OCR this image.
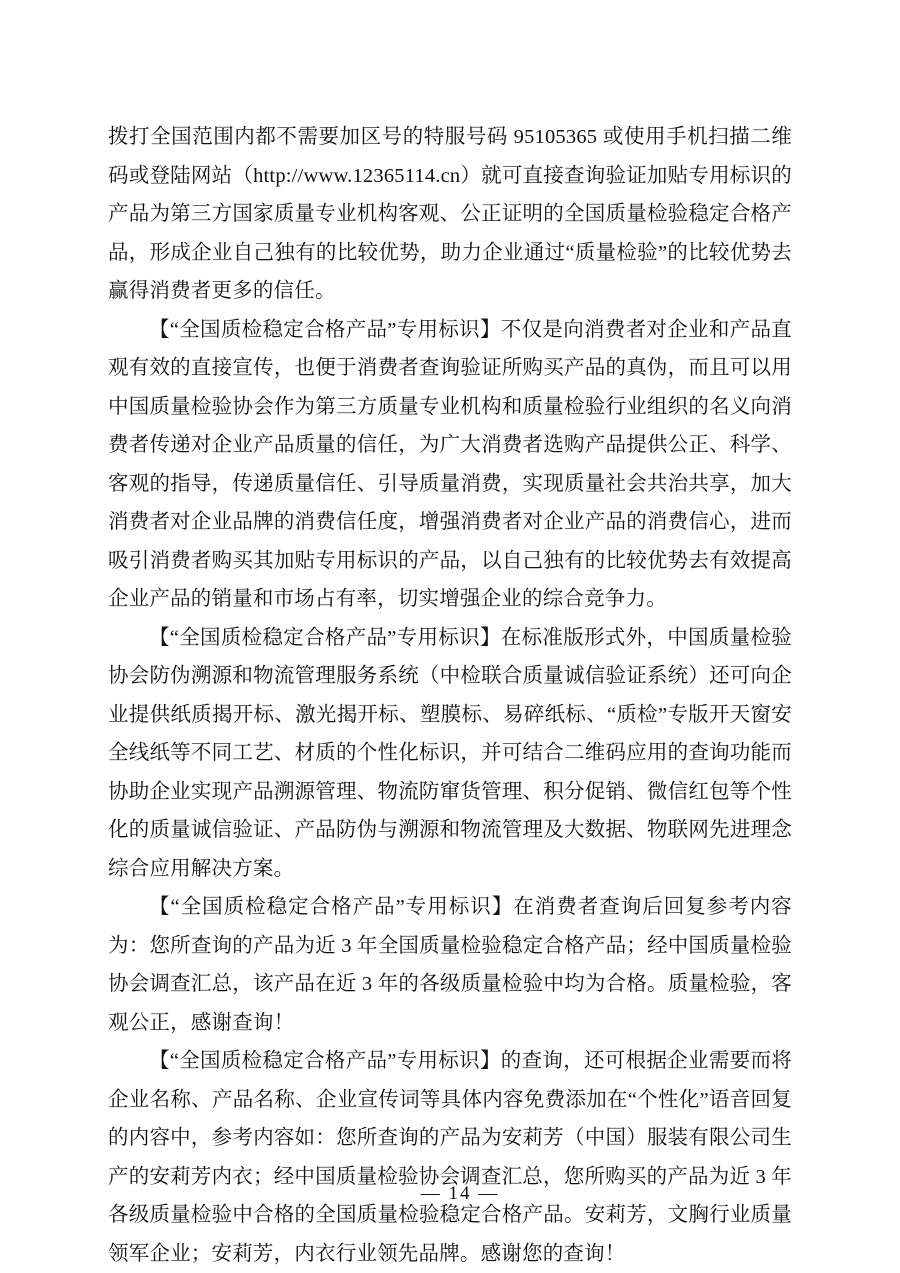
拨打全国范围内都不需要加区号的特服号码 95105365 或使用手机扫描二维码或登陆网站（http://www.12365114.cn）就可直接查询验证加贴专用标识的产品为第三方国家质量专业机构客观、公正证明的全国质量检验稳定合格产品，形成企业自己独有的比较优势，助力企业通过“质量检验”的比较优势去赢得消费者更多的信任。

【“全国质检稳定合格产品”专用标识】不仅是向消费者对企业和产品直观有效的直接宣传，也便于消费者查询验证所购买产品的真伪，而且可以用中国质量检验协会作为第三方质量专业机构和质量检验行业组织的名义向消费者传递对企业产品质量的信任，为广大消费者选购产品提供公正、科学、客观的指导，传递质量信任、引导质量消费，实现质量社会共治共享，加大消费者对企业品牌的消费信任度，增强消费者对企业产品的消费信心，进而吸引消费者购买其加贴专用标识的产品，以自己独有的比较优势去有效提高企业产品的销量和市场占有率，切实增强企业的综合竞争力。

【“全国质检稳定合格产品”专用标识】在标准版形式外，中国质量检验协会防伪溯源和物流管理服务系统（中检联合质量诚信验证系统）还可向企业提供纸质揭开标、激光揭开标、塑膜标、易碎纸标、“质检”专版开天窗安全线纸等不同工艺、材质的个性化标识，并可结合二维码应用的查询功能而协助企业实现产品溯源管理、物流防窜货管理、积分促销、微信红包等个性化的质量诚信验证、产品防伪与溯源和物流管理及大数据、物联网先进理念综合应用解决方案。

【“全国质检稳定合格产品”专用标识】在消费者查询后回复参考内容为：您所查询的产品为近 3 年全国质量检验稳定合格产品；经中国质量检验协会调查汇总，该产品在近 3 年的各级质量检验中均为合格。质量检验，客观公正，感谢查询！

【“全国质检稳定合格产品”专用标识】的查询，还可根据企业需要而将企业名称、产品名称、企业宣传词等具体内容免费添加在“个性化”语音回复的内容中，参考内容如：您所查询的产品为安莉芳（中国）服装有限公司生产的安莉芳内衣；经中国质量检验协会调查汇总，您所购买的产品为近 3 年各级质量检验中合格的全国质量检验稳定合格产品。安莉芳，文胸行业质量领军企业；安莉芳，内衣行业领先品牌。感谢您的查询！

— 14 —
